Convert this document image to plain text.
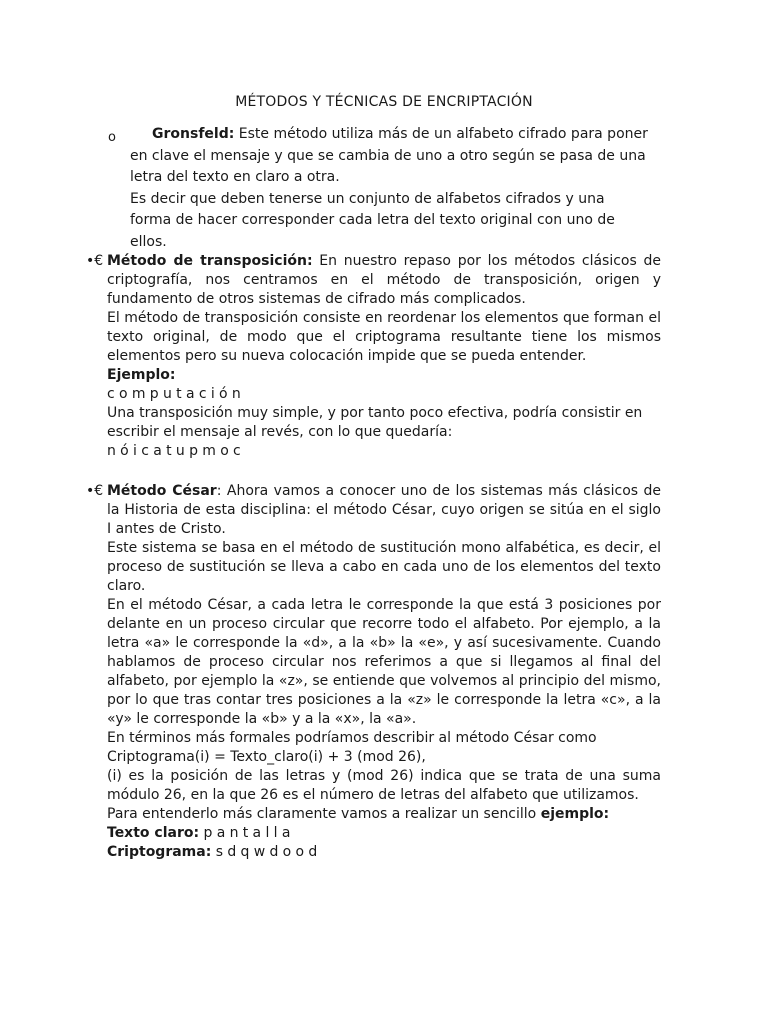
MÉTODOS Y TÉCNICAS DE ENCRIPTACIÓN
o	Gronsfeld: Este método utiliza más de un alfabeto cifrado para poner en clave el mensaje y que se cambia de uno a otro según se pasa de una letra del texto en claro a otra.

Es decir que deben tenerse un conjunto de alfabetos cifrados y una forma de hacer corresponder cada letra del texto original con uno de ellos.

•€ Método de transposición: En nuestro repaso por los métodos clásicos de criptografía, nos centramos en el método de transposición, origen y fundamento de otros sistemas de cifrado más complicados.

El método de transposición consiste en reordenar los elementos que forman el texto original, de modo que el criptograma resultante tiene los mismos elementos pero su nueva colocación impide que se pueda entender.

Ejemplo:

computación

Una transposición muy simple, y por tanto poco efectiva, podría consistir en escribir el mensaje al revés, con lo que quedaría:

nóicatupmoc

•€ Método César: Ahora vamos a conocer uno de los sistemas más clásicos de la Historia de esta disciplina: el método César, cuyo origen se sitúa en el siglo I antes de Cristo.

Este sistema se basa en el método de sustitución mono alfabética, es decir, el proceso de sustitución se lleva a cabo en cada uno de los elementos del texto claro.

En el método César, a cada letra le corresponde la que está 3 posiciones por delante en un proceso circular que recorre todo el alfabeto. Por ejemplo, a la letra «a» le corresponde la «d», a la «b» la «e», y así sucesivamente. Cuando hablamos de proceso circular nos referimos a que si llegamos al final del alfabeto, por ejemplo la «z», se entiende que volvemos al principio del mismo, por lo que tras contar tres posiciones a la «z» le corresponde la letra «c», a la «y» le corresponde la «b» y a la «x», la «a».

En términos más formales podríamos describir al método César como

Criptograma(i) = Texto_claro(i) + 3 (mod 26),

(i) es la posición de las letras y (mod 26) indica que se trata de una suma módulo 26, en la que 26 es el número de letras del alfabeto que utilizamos.

Para entenderlo más claramente vamos a realizar un sencillo ejemplo:

Texto claro: pantalla

Criptograma: sdqwdood
